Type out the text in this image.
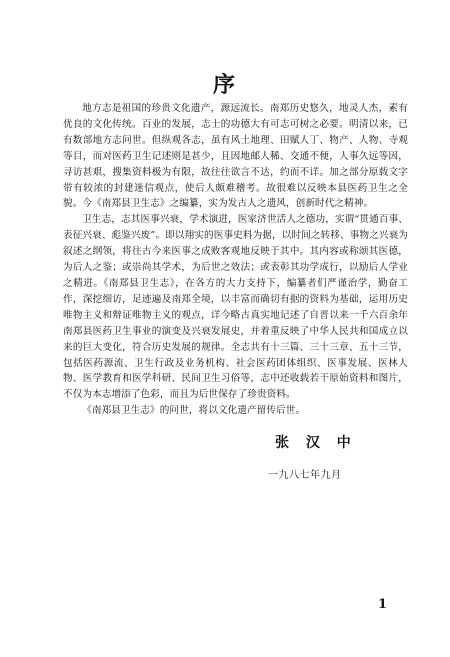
序

地方志是祖国的珍贵文化遗产，源远流长。南郑历史悠久，地灵人杰，素有优良的文化传统。百业的发展，志士的功德大有可志可树之必要。明清以来，已有数部地方志问世。但纵观各志，虽有风土地理、田赋人丁、物产、人物、寺观等目，而对医药卫生记述则是甚少，且因地邮人稀、交通不便，人事久远等因，寻访甚艰，搜集资料极为有限，故往往欲言不达，约而不详。加之部分原载文字带有较浓的封建迷信观点，使后人颇难稽考。故很难以反映本县医药卫生之全貌。今《南郑县卫生志》之编纂，实为发古人之遗风，创新时代之精神。

卫生志，志其医事兴衰，学术演进，医家济世活人之德功，实谓“贯通百事、表征兴衰、彪鉴兴废”。即以翔实的医事史料为据，以时间之转移、事物之兴衰为叙述之纲领，将往古今来医事之成败客观地反映于其中。其内容或称颂其医德，为后人之鉴；或崇尚其学术，为后世之效法；或表彰其功学成行，以励后人学业之精进。《南郑县卫生志》，在各方的大力支持下，编纂者们严谨治学，勤奋工作，深挖细访，足迹遍及南郑全境，以丰富而确切有据的资料为基础，运用历史唯物主义和辩证唯物主义的观点，详今略古真实地记述了自晋以来一千六百余年南郑县医药卫生事业的演变及兴衰发展史，并着重反映了中华人民共和国成立以来的巨大变化，符合历史发展的规律。全志共有十三篇、三十三章、五十三节，包括医药源流、卫生行政及业务机构、社会医药团体组织、医事发展、医林人物、医学教育和医学科研、民间卫生习俗等，志中还收载若干原始资料和图片，不仅为本志增添了色彩，而且为后世保存了珍贵资料。

《南郑县卫生志》的问世，将以文化遗产留传后世。

张 汉 中
一九八七年九月
1
